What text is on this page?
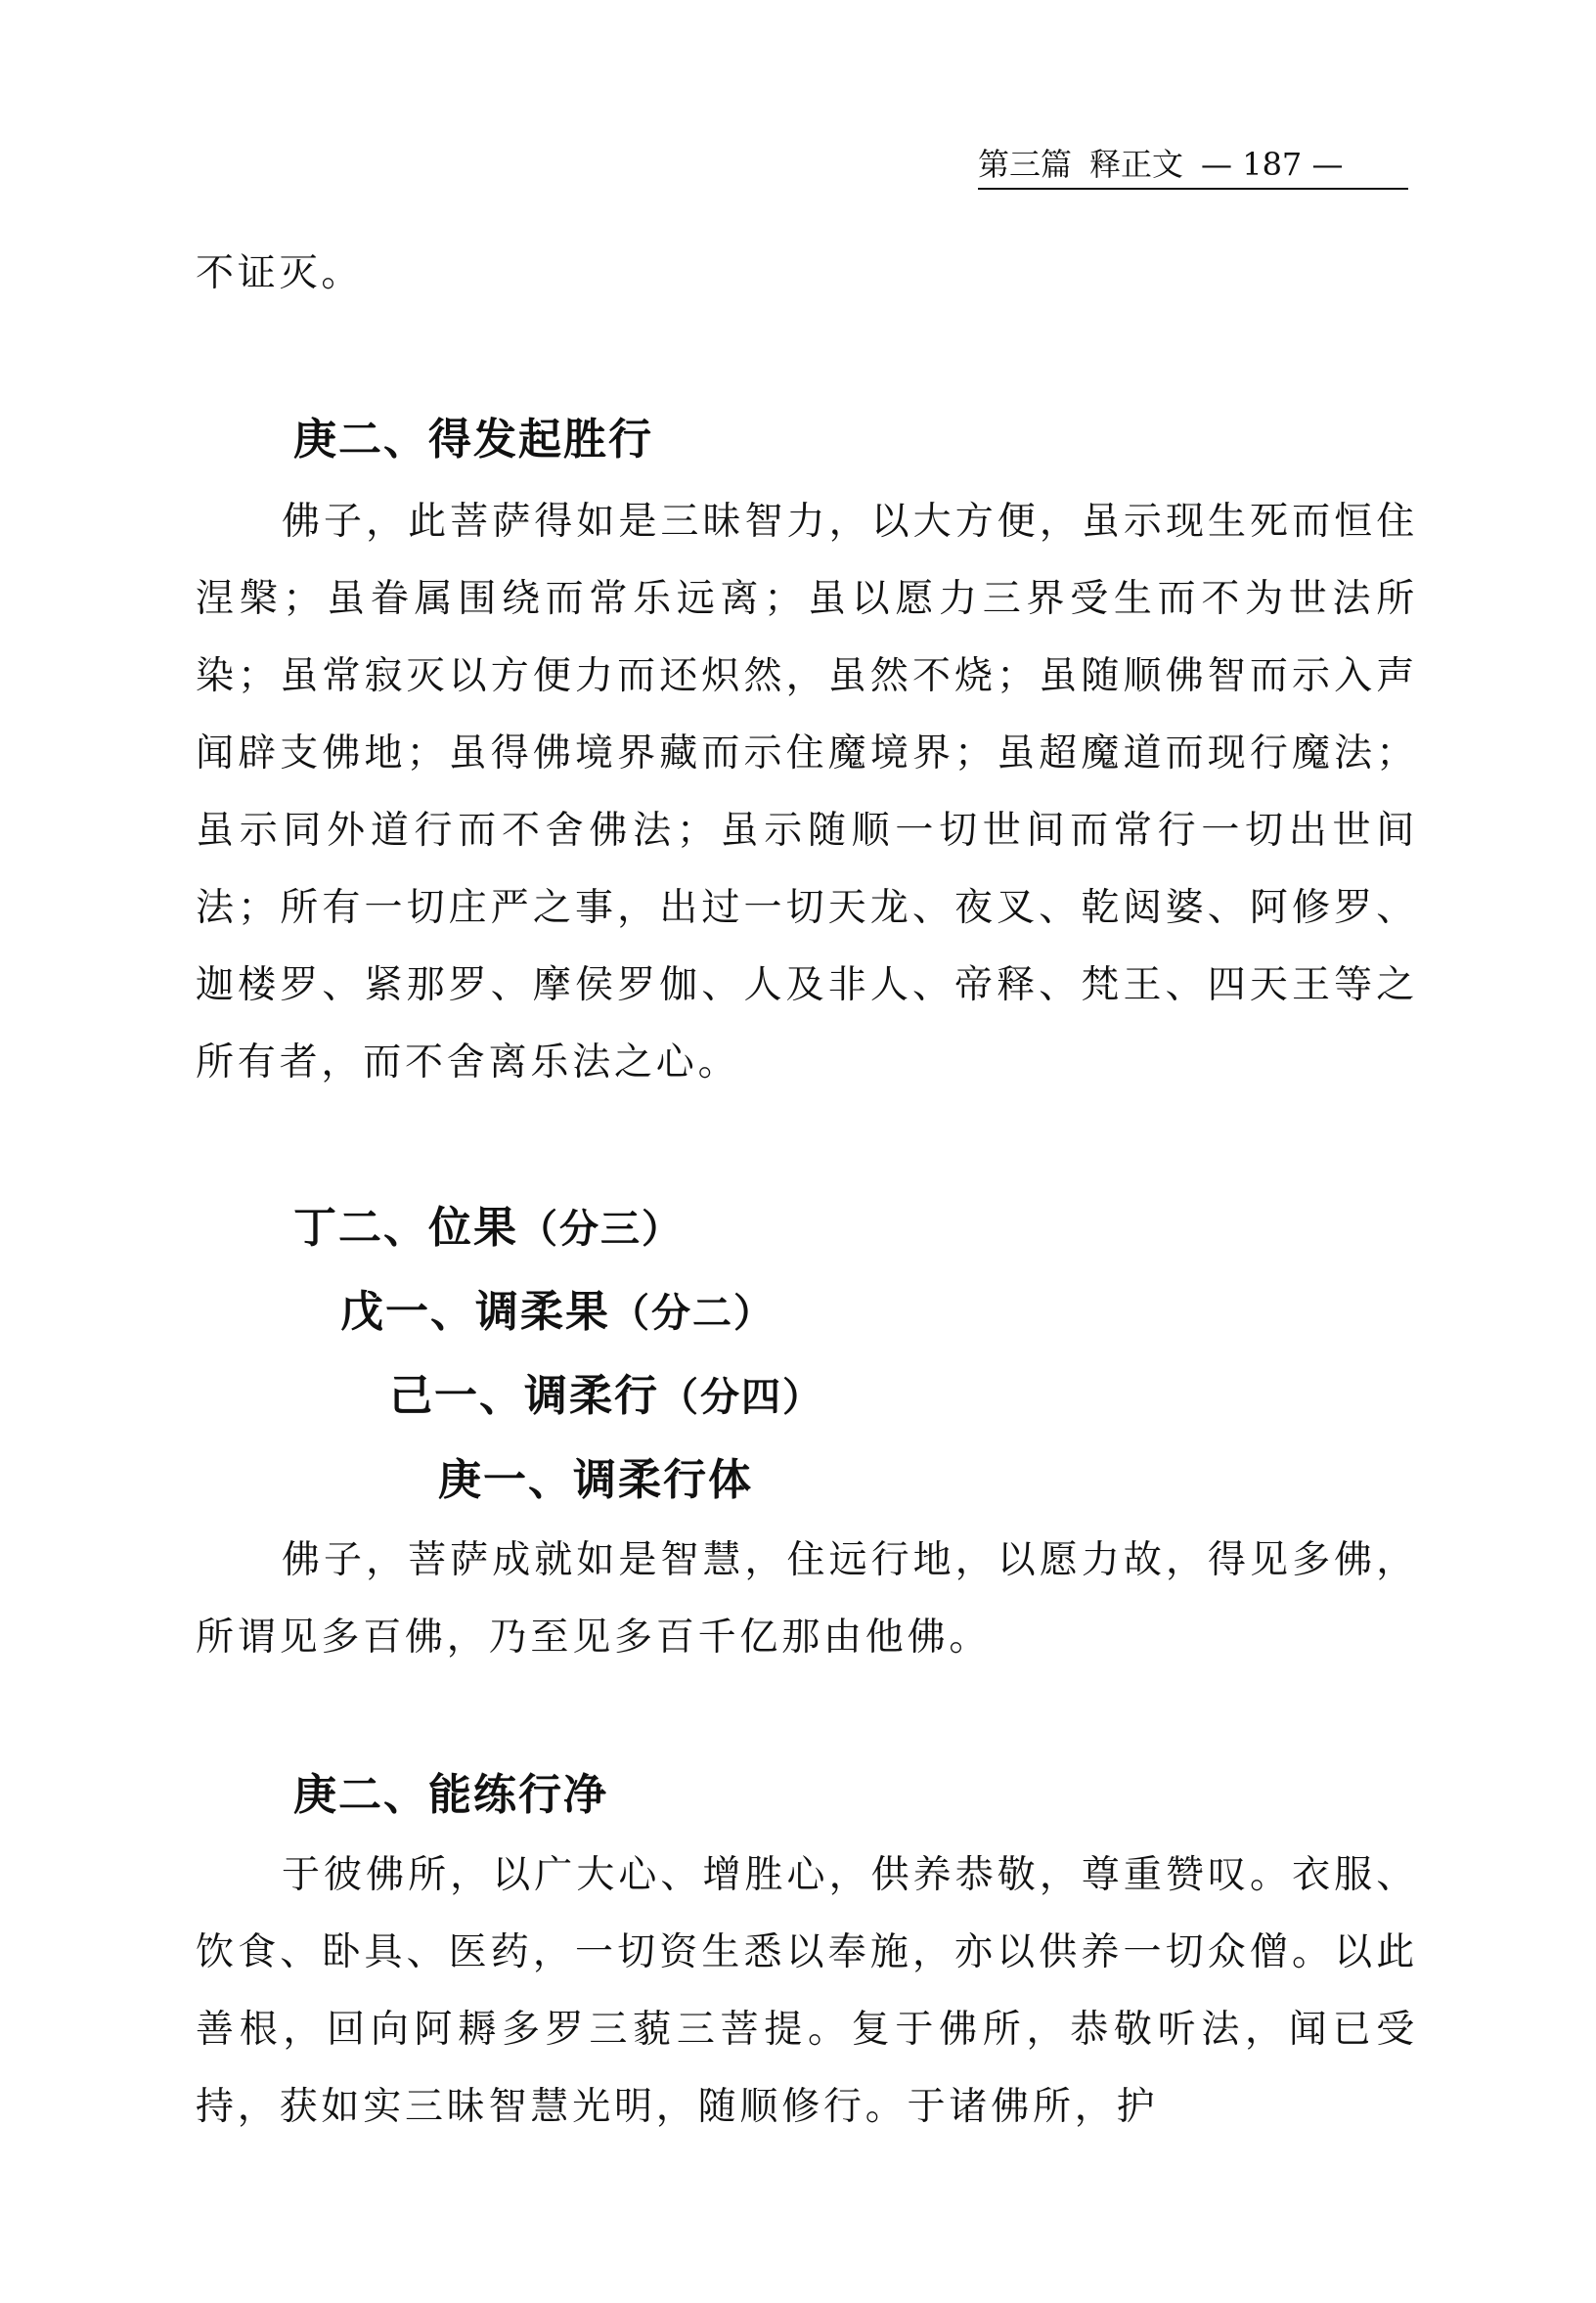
第三篇 释正文 — 187 —

不证灭。

庚二、得发起胜行

佛子，此菩萨得如是三昧智力，以大方便，虽示现生死而恒住涅槃；虽眷属围绕而常乐远离；虽以愿力三界受生而不为世法所染；虽常寂灭以方便力而还炽然，虽然不烧；虽随顺佛智而示入声闻辟支佛地；虽得佛境界藏而示住魔境界；虽超魔道而现行魔法；虽示同外道行而不舍佛法；虽示随顺一切世间而常行一切出世间法；所有一切庄严之事，出过一切天龙、夜叉、乾闼婆、阿修罗、迦楼罗、紧那罗、摩侯罗伽、人及非人、帝释、梵王、四天王等之所有者，而不舍离乐法之心。

丁二、位果（分三）
戊一、调柔果（分二）
己一、调柔行（分四）
庚一、调柔行体

佛子，菩萨成就如是智慧，住远行地，以愿力故，得见多佛，所谓见多百佛，乃至见多百千亿那由他佛。

庚二、能练行净

于彼佛所，以广大心、增胜心，供养恭敬，尊重赞叹。衣服、饮食、卧具、医药，一切资生悉以奉施，亦以供养一切众僧。以此善根，回向阿耨多罗三藐三菩提。复于佛所，恭敬听法，闻已受持，获如实三昧智慧光明，随顺修行。于诸佛所，护
